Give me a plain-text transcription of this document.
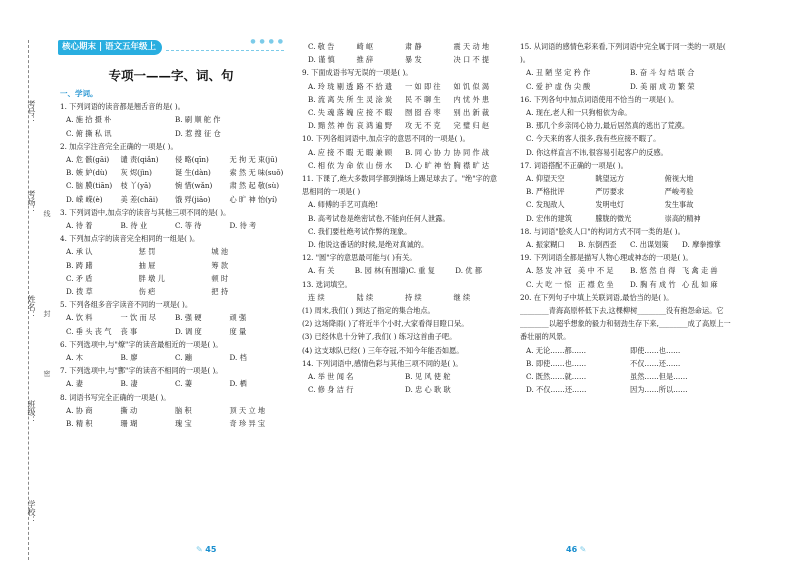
考号：
考场：
姓名：
班级：
学校：
线
封
密
核心期末 | 语文五年级上
● ● ● ●
专项一——字、词、句
一、学词。
1. 下列词语的读音都是翘舌音的是( )。
A. 施 拾 摄 朴	B. 刷 顺 舵 作
C. 俯 撕 私 讯	D. 惹 搜 征 仓
2. 加点字注音完全正确的一项是( )。
A. 危 骸(gāi)	谴 责(qiǎn)	侵 略(qīn)	无 拘 无 束(jū)
B. 嫉 妒(dù)	灰 烬(jìn)	诞 生(dàn)	索 然 无 味(suǒ)
C. 脑 膜(tiān)	枝 丫(yā)	惋 惜(wǎn)	肃 然 起 敬(sù)
D. 嵘 嵘(è)	美 差(chāi)	饿 殍(jiāo)	心 旷 神 怡(yí)
3. 下列词语中,加点字的读音与其他三项不同的是( )。
A. 待 着	B. 待 业	C. 等 待	D. 待 考
4. 下列加点字的读音完全相同的一组是( )。
A. 承 认	惩 罚	城 池
B. 踌 躇	抽 屉	筹 款
C. 矛 盾	胖 墩 儿	顿 时
D. 拨 草	伤 疤	把 持
5. 下列各组多音字读音不同的一项是( )。
A. 饮 料	一 饮 而 尽	B. 强 硬	顽 强
C. 垂 头 丧 气	丧 事	D. 调 度	度 量
6. 下列选项中,与"燎"字的读音最相近的一项是( )。
A. 木	B. 廖	C. 蹦	D. 档
7. 下列选项中,与"酆"字的读音不相同的一项是( )。
A. 妻	B. 凄	C. 萋	D. 栖
8. 词语书写完全正确的一项是( )。
A. 协 商	撕 动	脑 积	顶 天 立 地
B. 精 积	珊 瑚	瑰 宝	奇 珍 异 宝
C. 敬 告	崎 岖	肃 静	震 天 动 地
D. 谨 慎	推 辞	暴 发	决 口 不 提
9. 下面成语书写无误的一项是( )。
A. 玲 珑 剔 透 路 不 拾 遗	一 如 即 往	如 饥 似 渴
B. 流 离 失 所 生 灵 涂 炭	民 不 聊 生	内 忧 外 患
C. 失 魂 落 魄 应 接 不 暇	囫 囵 吞 枣	别 出 新 裁
D. 黯 然 神 伤 哀 鸿 遍 野	攻 无 不 克	完 璧 归 赵
10. 下列各组词语中,加点字的意思不同的一项是( )。
A. 应 接 不 暇 无 暇 兼 顾	B. 同 心 协 力 协 同 作 战
C. 相 依 为 命 依 山 傍 水	D. 心 旷 神 怡 胸 襟 旷 达
11. 下课了,绝大多数同学都到操场上踢足球去了。"绝"字的意思相同的一项是( )
A. 师傅的手艺可真绝!
B. 高考试卷是绝密试卷,不能向任何人泄露。
C. 我们要杜绝考试作弊的现象。
D. 他说这番话的时候,是绝对真诚的。
12. "圆"字的意思最可能与( )有关。
A. 有 关	B. 园 林(有围墙) C. 重 复	D. 优 都
13. 选词填空。
连 续	陆 续	持 续	继 续
(1) 周末,我们( ) 到达了指定的集合地点。
(2) 这场降雨( )了将近半个小时,大家看得目瞪口呆。
(3) 已经休息十分钟了,我们( ) 练习这首曲子吧。
(4) 这支球队已经( ) 三年夺冠,不知今年能否如愿。
14. 下列词语中,感情色彩与其他三项不同的是( )。
A. 举 世 闻 名	B. 见 风 使 舵
C. 修 身 洁 行	D. 忠 心 耿 耿
15. 从词语的感情色彩来看,下列词语中完全属于同一类的一项是( )。
A. 丑 陋 坚 定 矜 作	B. 奋 斗 勾 结 联 合
C. 爱 护 虚 伪 尖 酸	D. 美 丽 成 功 繁 荣
16. 下列各句中加点词语使用不恰当的一项是( )。
A. 现在,老人和一只狗相依为命。
B. 那几个乡亲同心协力,最后居然真的逃出了荒漠。
C. 今天来的客人很多,我有些应接不暇了。
D. 你这样直言不讳,很容易引起客户的反感。
17. 词语搭配不正确的一项是( )。
A. 仰望天空	眺望远方	俯视大地
B. 严格批评	严厉要求	严峻考验
C. 发现敌人	发明电灯	发生事故
D. 宏伟的建筑	朦胧的微光	崇高的精神
18. 与词语"脍炙人口"的构词方式不同一类的是( )。
A. 振家糊口	B. 东倒西歪	C. 出谋划策	D. 摩拳擦掌
19. 下列词语全都是描写人物心理或神态的一项是( )。
A. 怒 发 冲 冠 美 中 不 足	B. 悠 然 自 得 飞 禽 走 兽
C. 大 吃 一 惊 正 襟 危 坐	D. 胸 有 成 竹 心 乱 如 麻
20. 在下列句子中填上关联词语,最恰当的是( )。
________青海高原杯低下去,这棵柳树________没有抱怨命运。它________以超乎想象的毅力和韧劲生存下来,________成了高原上一番壮丽的风景。
A. 无论……都……	即使……也……
B. 即使……也……	不仅……还……
C. 既然……就……	虽然……但是……
D. 不仅……还……	因为……所以……
✎ 45	46 ✎
